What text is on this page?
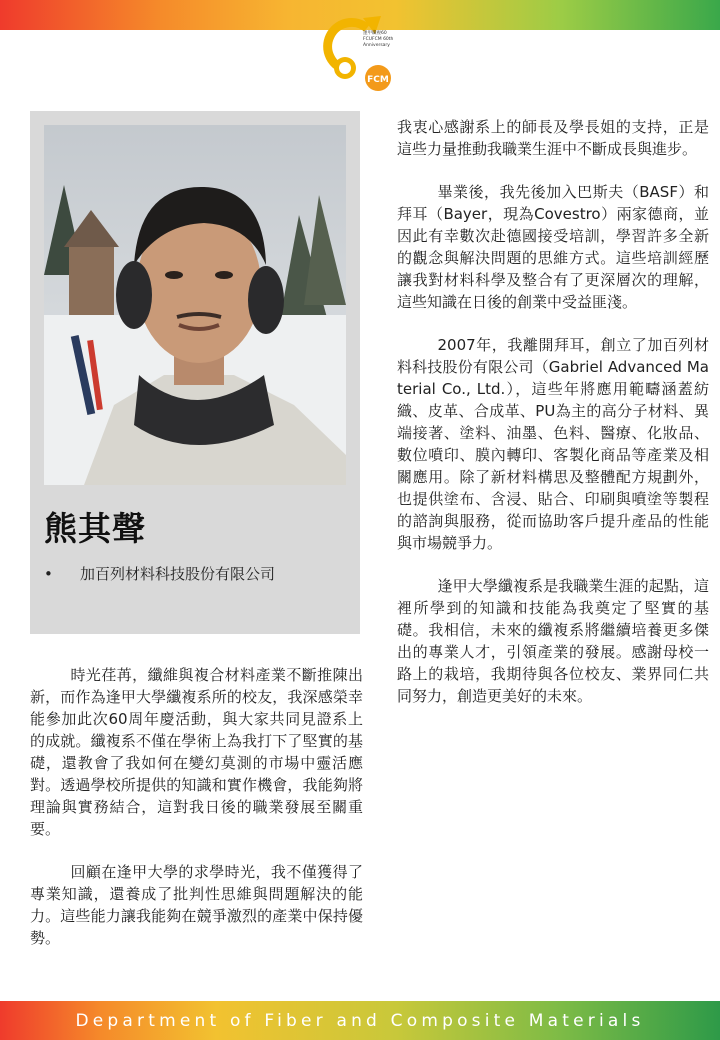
FCM
逢甲纖複60
FCUFCM 60th
Anniversary
熊其聲
• 加百列材料科技股份有限公司

時光荏苒，纖維與複合材料產業不斷推陳出新，而作為逢甲大學纖複系所的校友，我深感榮幸能參加此次60周年慶活動，與大家共同見證系上的成就。纖複系不僅在學術上為我打下了堅實的基礎，還教會了我如何在變幻莫測的市場中靈活應對。透過學校所提供的知識和實作機會，我能夠將理論與實務結合，這對我日後的職業發展至關重要。

回顧在逢甲大學的求學時光，我不僅獲得了專業知識，還養成了批判性思維與問題解決的能力。這些能力讓我能夠在競爭激烈的產業中保持優勢。

我衷心感謝系上的師長及學長姐的支持，正是這些力量推動我職業生涯中不斷成長與進步。

畢業後，我先後加入巴斯夫（BASF）和拜耳（Bayer，現為Covestro）兩家德商，並因此有幸數次赴德國接受培訓，學習許多全新的觀念與解決問題的思維方式。這些培訓經歷讓我對材料科學及整合有了更深層次的理解，這些知識在日後的創業中受益匪淺。

2007年，我離開拜耳，創立了加百列材料科技股份有限公司（Gabriel Advanced Material Co., Ltd.），這些年將應用範疇涵蓋紡織、皮革、合成革、PU為主的高分子材料、異端接著、塗料、油墨、色料、醫療、化妝品、數位噴印、膜內轉印、客製化商品等產業及相關應用。除了新材料構思及整體配方規劃外，也提供塗布、含浸、貼合、印刷與噴塗等製程的諮詢與服務，從而協助客戶提升產品的性能與市場競爭力。

逢甲大學纖複系是我職業生涯的起點，這裡所學到的知識和技能為我奠定了堅實的基礎。我相信，未來的纖複系將繼續培養更多傑出的專業人才，引領產業的發展。感謝母校一路上的栽培，我期待與各位校友、業界同仁共同努力，創造更美好的未來。

Department of Fiber and Composite Materials
